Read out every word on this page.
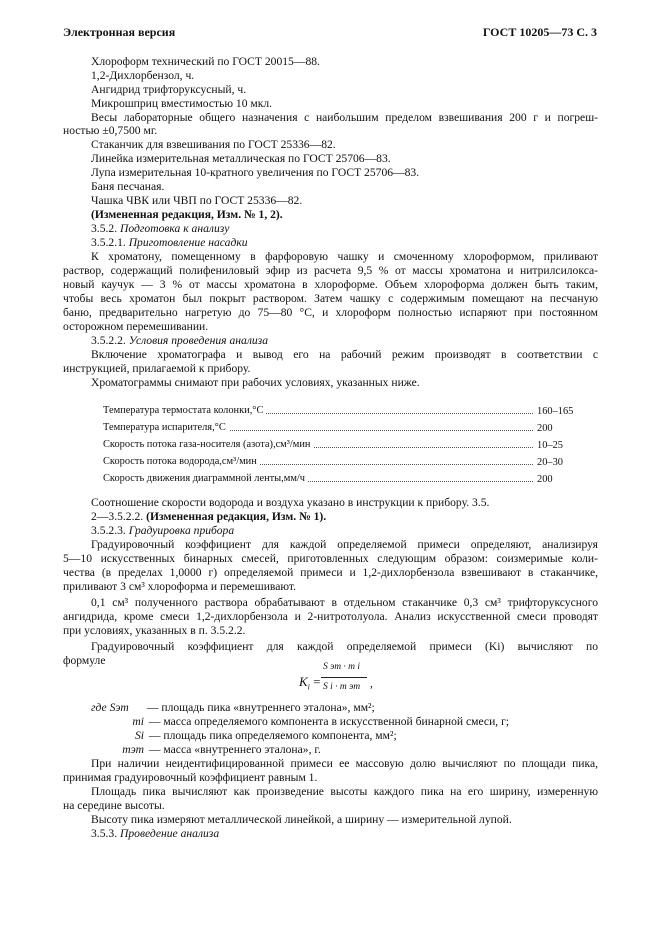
Электронная версия	ГОСТ 10205—73 С. 3
Хлороформ технический по ГОСТ 20015—88.
1,2-Дихлорбензол, ч.
Ангидрид трифторуксусный, ч.
Микрошприц вместимостью 10 мкл.
Весы лабораторные общего назначения с наибольшим пределом взвешивания 200 г и погреш-
ностью ±0,7500 мг.
Стаканчик для взвешивания по ГОСТ 25336—82.
Линейка измерительная металлическая по ГОСТ 25706—83.
Лупа измерительная 10-кратного увеличения по ГОСТ 25706—83.
Баня песчаная.
Чашка ЧВК или ЧВП по ГОСТ 25336—82.
(Измененная редакция, Изм. № 1, 2).
3.5.2. Подготовка к анализу
3.5.2.1. Приготовление насадки
К хроматону, помещенному в фарфоровую чашку и смоченному хлороформом, приливают
раствор, содержащий полифениловый эфир из расчета 9,5 % от массы хроматона и нитрилсилокса-
новый каучук — 3 % от массы хроматона в хлороформе. Объем хлороформа должен быть таким,
чтобы весь хроматон был покрыт раствором. Затем чашку с содержимым помещают на песчаную
баню, предварительно нагретую до 75—80 °С, и хлороформ полностью испаряют при постоянном
осторожном перемешивании.
3.5.2.2. Условия проведения анализа
Включение хроматографа и вывод его на рабочий режим производят в соответствии с
инструкцией, прилагаемой к прибору.
Хроматограммы снимают при рабочих условиях, указанных ниже.
Температура термостата колонки,°С	160–165
Температура испарителя,°С	200
Скорость потока газа-носителя (азота),см³/мин	10–25
Скорость потока водорода,см³/мин	20–30
Скорость движения диаграммной ленты,мм/ч	200
Соотношение скорости водорода и воздуха указано в инструкции к прибору. 3.5.
2—3.5.2.2. (Измененная редакция, Изм. № 1).
3.5.2.3. Градуировка прибора
Градуировочный коэффициент для каждой определяемой примеси определяют, анализируя
5—10 искусственных бинарных смесей, приготовленных следующим образом: соизмеримые коли-
чества (в пределах 1,0000 г) определяемой примеси и 1,2-дихлорбензола взвешивают в стаканчике,
приливают 3 см³ хлороформа и перемешивают.
0,1 см³ полученного раствора обрабатывают в отдельном стаканчике 0,3 см³ трифторуксусного
ангидрида, кроме смеси 1,2-дихлорбензола и 2-нитротолуола. Анализ искусственной смеси проводят
при условиях, указанных в п. 3.5.2.2.
Градуировочный коэффициент для каждой определяемой примеси (Ki) вычисляют по
формуле
$K_i$ =
S эт · m i
S i · m эт ,
где Sэт — площадь пика «внутреннего эталона», мм²;
mi — масса определяемого компонента в искусственной бинарной смеси, г;
Si — площадь пика определяемого компонента, мм²;
mэт — масса «внутреннего эталона», г.
При наличии неидентифицированной примеси ее массовую долю вычисляют по площади пика,
принимая градуировочный коэффициент равным 1.
Площадь пика вычисляют как произведение высоты каждого пика на его ширину, измеренную
на середине высоты.
Высоту пика измеряют металлической линейкой, а ширину — измерительной лупой.
3.5.3. Проведение анализа
